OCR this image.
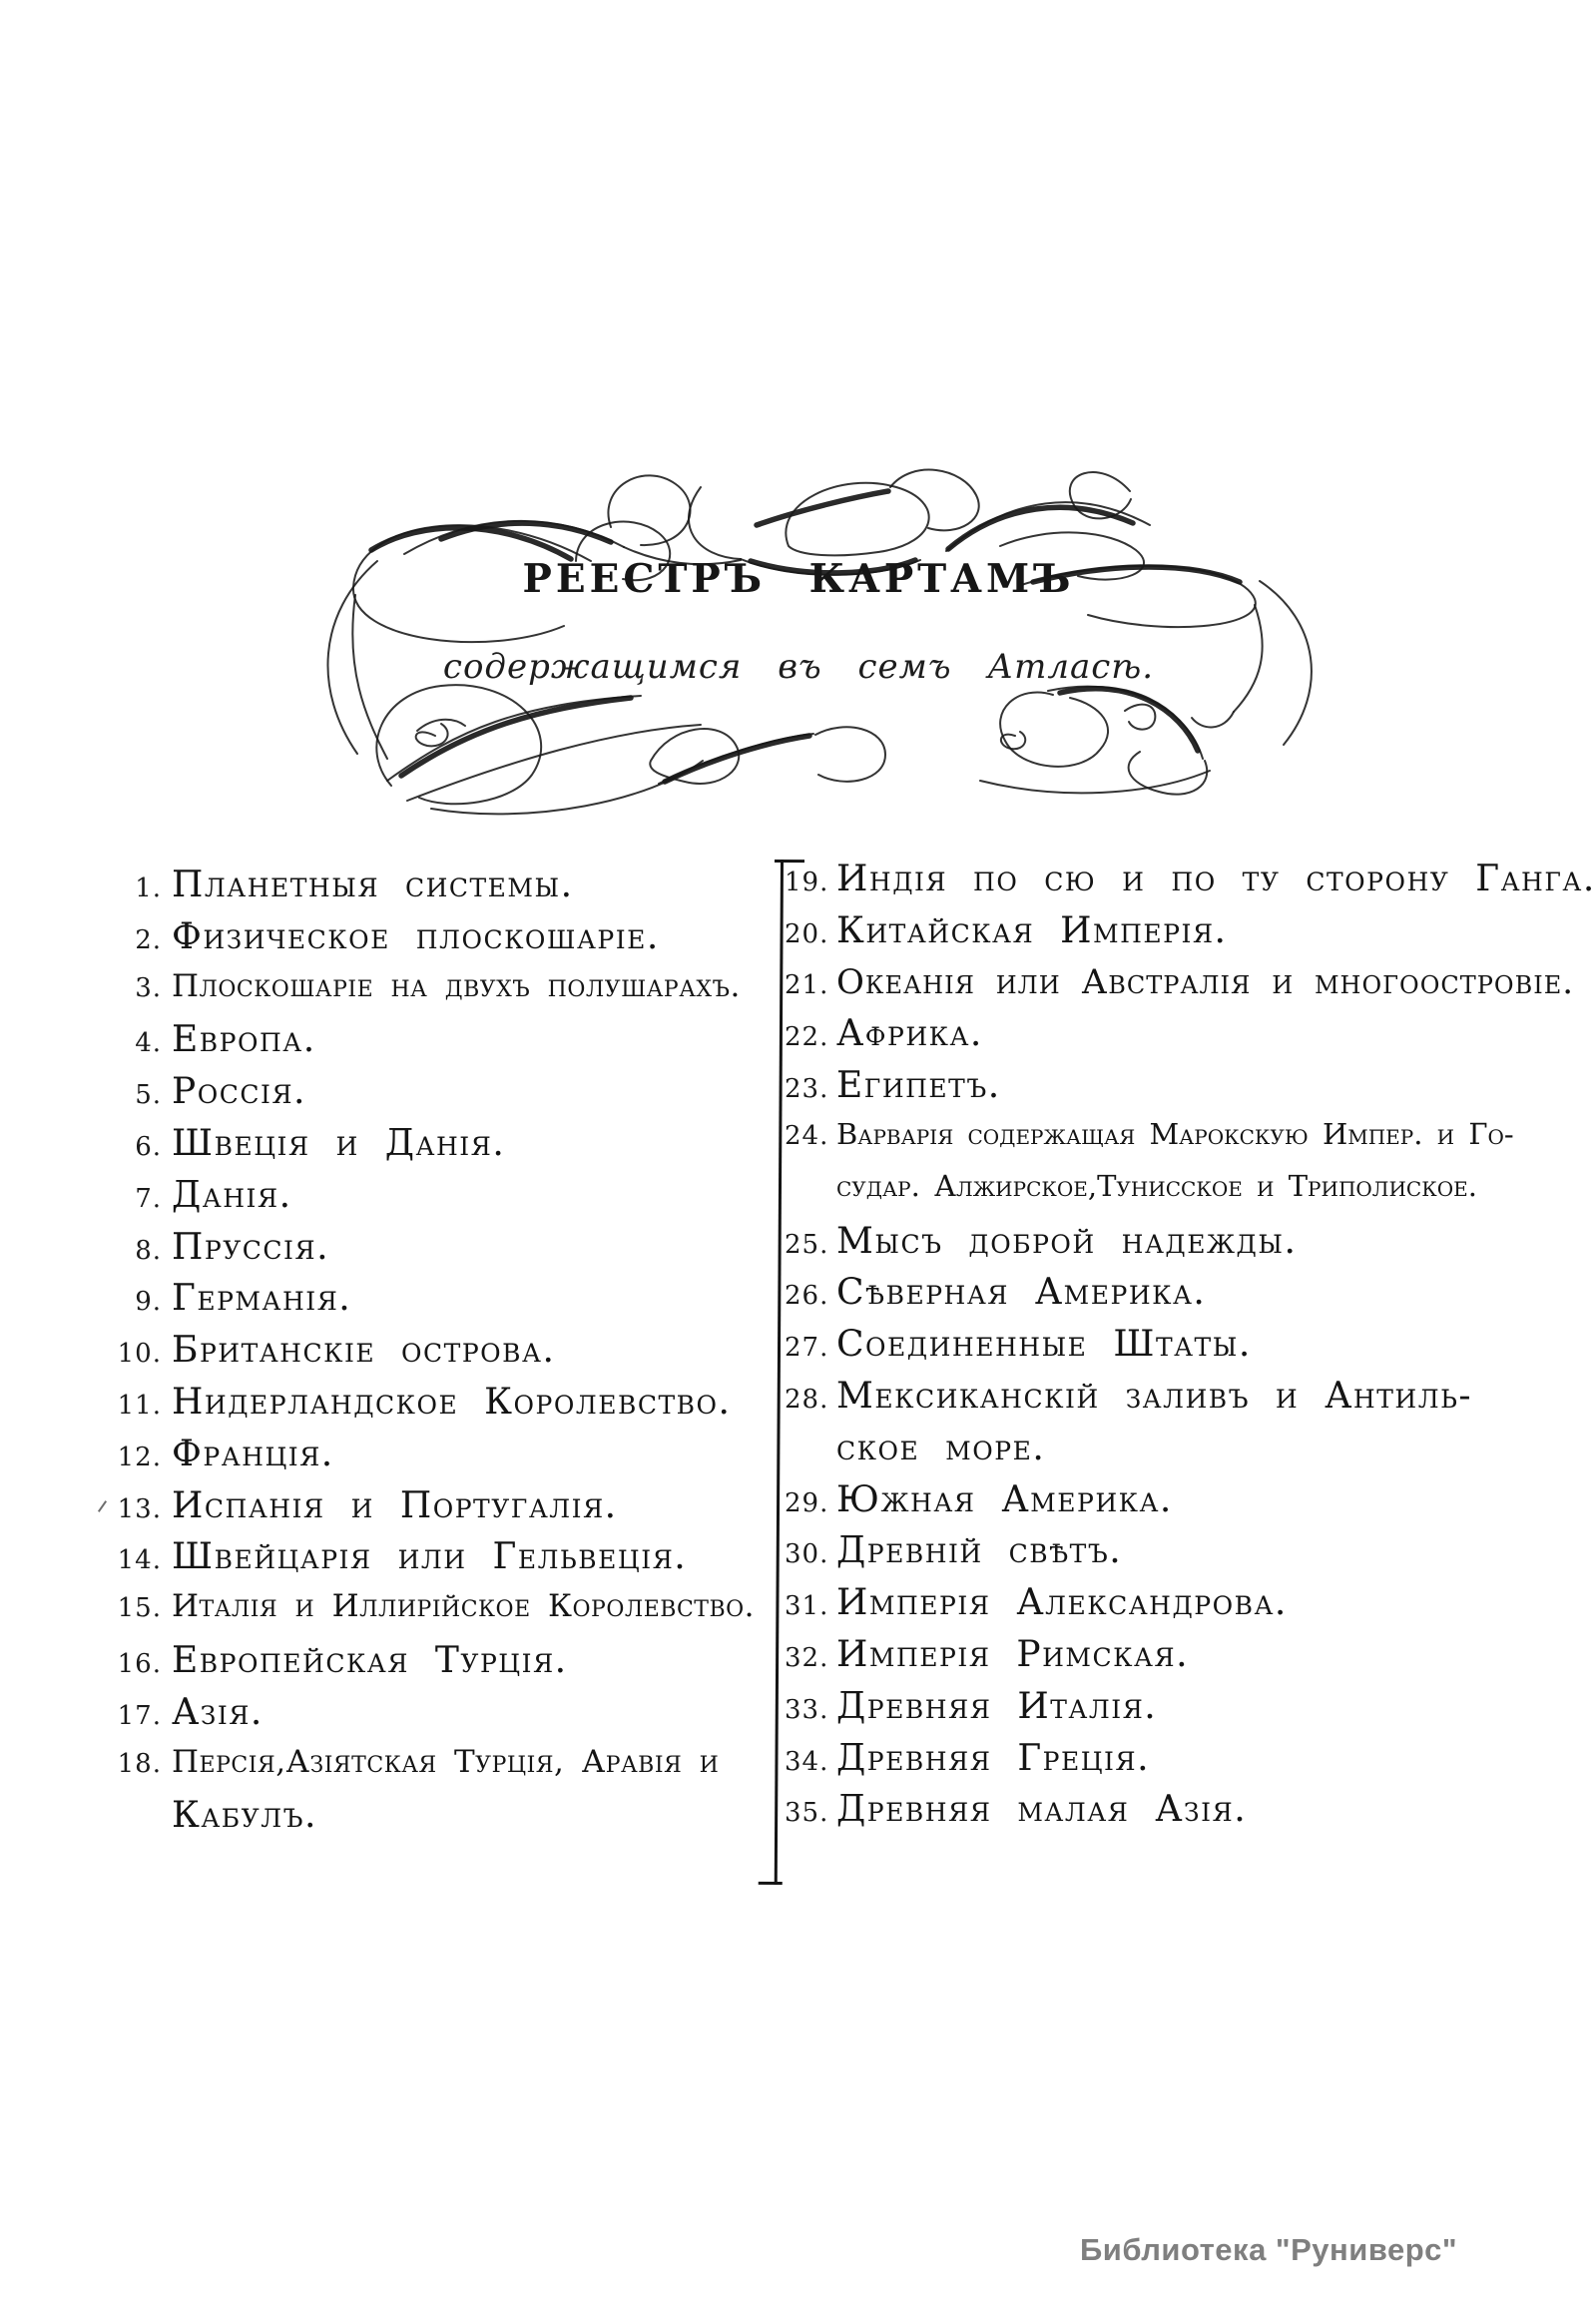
РЕЕСТРЪ КАРТАМЪ
содержащимся въ семъ Атласѣ.
1. Планетныя системы.
2. Физическое плоскошаріе.
3. Плоскошаріе на двухъ полушарахъ.
4. Европа.
5. Россія.
6. Швеція и Данія.
7. Данія.
8. Пруссія.
9. Германія.
10. Британскіе острова.
11. Нидерландское Королевство.
12. Франція.
13. Испанія и Португалія.
14. Швейцарія или Гельвеція.
15. Италія и Иллирійское Королевство.
16. Европейская Турція.
17. Азія.
18. Персія,Азіятская Турція, Аравія и
Кабулъ.
19. Индія по сю и по ту сторону Ганга.
20. Китайская Имперія.
21. Океанія или Австралія и многоостровіе.
22. Африка.
23. Египетъ.
24. Варварія содержащая Марокскую Импер. и Го-
судар. Алжирское,Тунисское и Триполиское.
25. Мысъ доброй надежды.
26. Сѣверная Америка.
27. Соединенные Штаты.
28. Мексиканскій заливъ и Антиль-
ское море.
29. Южная Америка.
30. Древній свѣтъ.
31. Имперія Александрова.
32. Имперія Римская.
33. Древняя Италія.
34. Древняя Греція.
35. Древняя малая Азія.
Библиотека "Руниверс"
